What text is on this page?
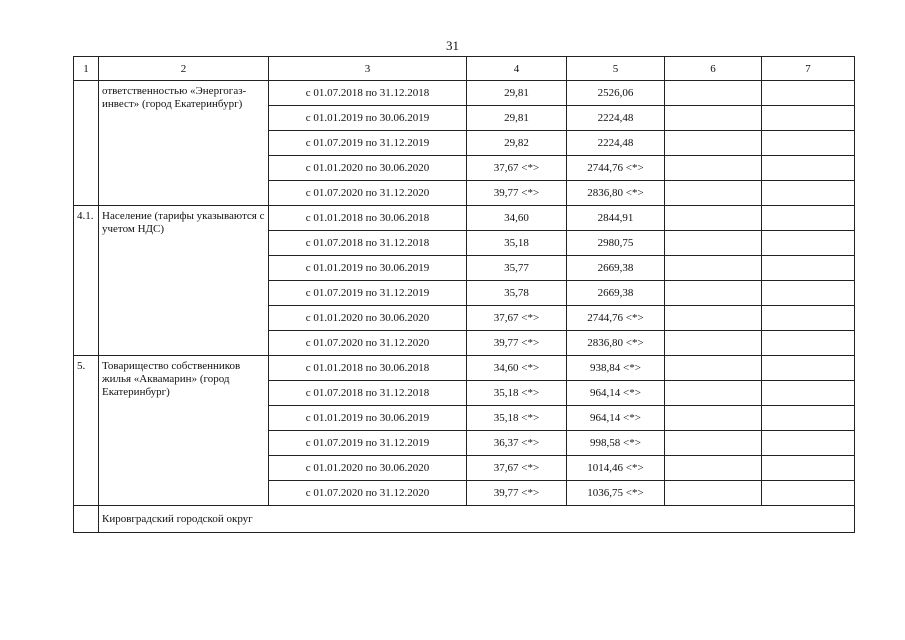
31
1	2	3	4	5	6	7
	ответственностью «Энергогаз-инвест» (город Екатеринбург)	с 01.07.2018 по 31.12.2018	29,81	2526,06		
		с 01.01.2019 по 30.06.2019	29,81	2224,48		
		с 01.07.2019 по 31.12.2019	29,82	2224,48		
		с 01.01.2020 по 30.06.2020	37,67 <*>	2744,76 <*>		
		с 01.07.2020 по 31.12.2020	39,77 <*>	2836,80 <*>		
4.1.	Население (тарифы указываются с учетом НДС)	с 01.01.2018 по 30.06.2018	34,60	2844,91		
		с 01.07.2018 по 31.12.2018	35,18	2980,75		
		с 01.01.2019 по 30.06.2019	35,77	2669,38		
		с 01.07.2019 по 31.12.2019	35,78	2669,38		
		с 01.01.2020 по 30.06.2020	37,67 <*>	2744,76 <*>		
		с 01.07.2020 по 31.12.2020	39,77 <*>	2836,80 <*>		
5.	Товарищество собственников жилья «Аквамарин» (город Екатеринбург)	с 01.01.2018 по 30.06.2018	34,60 <*>	938,84 <*>		
		с 01.07.2018 по 31.12.2018	35,18 <*>	964,14 <*>		
		с 01.01.2019 по 30.06.2019	35,18 <*>	964,14 <*>		
		с 01.07.2019 по 31.12.2019	36,37 <*>	998,58 <*>		
		с 01.01.2020 по 30.06.2020	37,67 <*>	1014,46 <*>		
		с 01.07.2020 по 31.12.2020	39,77 <*>	1036,75 <*>		
	Кировградский городской округ					
